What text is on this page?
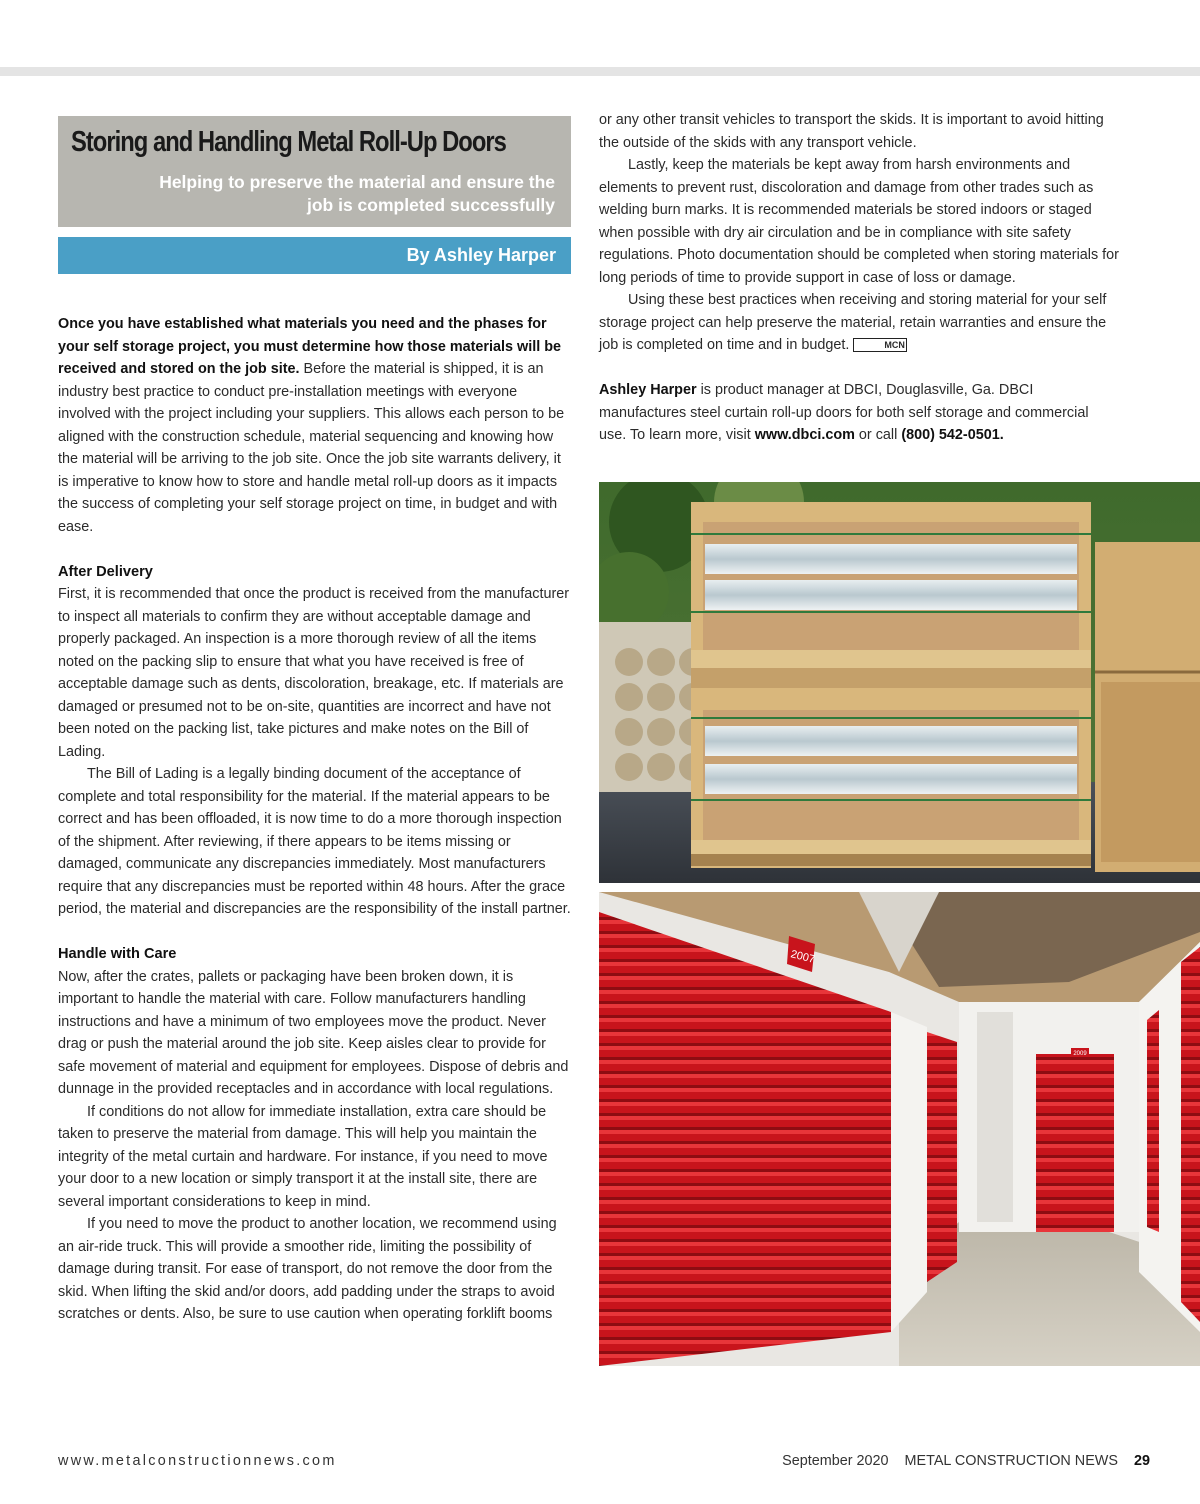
Storing and Handling Metal Roll-Up Doors
Helping to preserve the material and ensure the job is completed successfully
By Ashley Harper

Once you have established what materials you need and the phases for your self storage project, you must determine how those materials will be received and stored on the job site. Before the material is shipped, it is an industry best practice to conduct pre-installation meetings with everyone involved with the project including your suppliers. This allows each person to be aligned with the construction schedule, material sequencing and knowing how the material will be arriving to the job site. Once the job site warrants delivery, it is imperative to know how to store and handle metal roll-up doors as it impacts the success of completing your self storage project on time, in budget and with ease.

After Delivery

First, it is recommended that once the product is received from the manufacturer to inspect all materials to confirm they are without acceptable damage and properly packaged. An inspection is a more thorough review of all the items noted on the packing slip to ensure that what you have received is free of acceptable damage such as dents, discoloration, breakage, etc. If materials are damaged or presumed not to be on-site, quantities are incorrect and have not been noted on the packing list, take pictures and make notes on the Bill of Lading.

The Bill of Lading is a legally binding document of the acceptance of complete and total responsibility for the material. If the material appears to be correct and has been offloaded, it is now time to do a more thorough inspection of the shipment. After reviewing, if there appears to be items missing or damaged, communicate any discrepancies immediately. Most manufacturers require that any discrepancies must be reported within 48 hours. After the grace period, the material and discrepancies are the responsibility of the install partner.

Handle with Care

Now, after the crates, pallets or packaging have been broken down, it is important to handle the material with care. Follow manufacturers handling instructions and have a minimum of two employees move the product. Never drag or push the material around the job site. Keep aisles clear to provide for safe movement of material and equipment for employees. Dispose of debris and dunnage in the provided receptacles and in accordance with local regulations.

If conditions do not allow for immediate installation, extra care should be taken to preserve the material from damage. This will help you maintain the integrity of the metal curtain and hardware. For instance, if you need to move your door to a new location or simply transport it at the install site, there are several important considerations to keep in mind.

If you need to move the product to another location, we recommend using an air-ride truck. This will provide a smoother ride, limiting the possibility of damage during transit. For ease of transport, do not remove the door from the skid. When lifting the skid and/or doors, add padding under the straps to avoid scratches or dents. Also, be sure to use caution when operating forklift booms

or any other transit vehicles to transport the skids. It is important to avoid hitting the outside of the skids with any transport vehicle.

Lastly, keep the materials be kept away from harsh environments and elements to prevent rust, discoloration and damage from other trades such as welding burn marks. It is recommended materials be stored indoors or staged when possible with dry air circulation and be in compliance with site safety regulations. Photo documentation should be completed when storing materials for long periods of time to provide support in case of loss or damage.

Using these best practices when receiving and storing material for your self storage project can help preserve the material, retain warranties and ensure the job is completed on time and in budget.	MCN

Ashley Harper is product manager at DBCI, Douglasville, Ga. DBCI manufactures steel curtain roll-up doors for both self storage and commercial use. To learn more, visit www.dbci.com or call (800) 542-0501.

2009
2007
www.metalconstructionnews.com	September 2020 METAL CONSTRUCTION NEWS 29
